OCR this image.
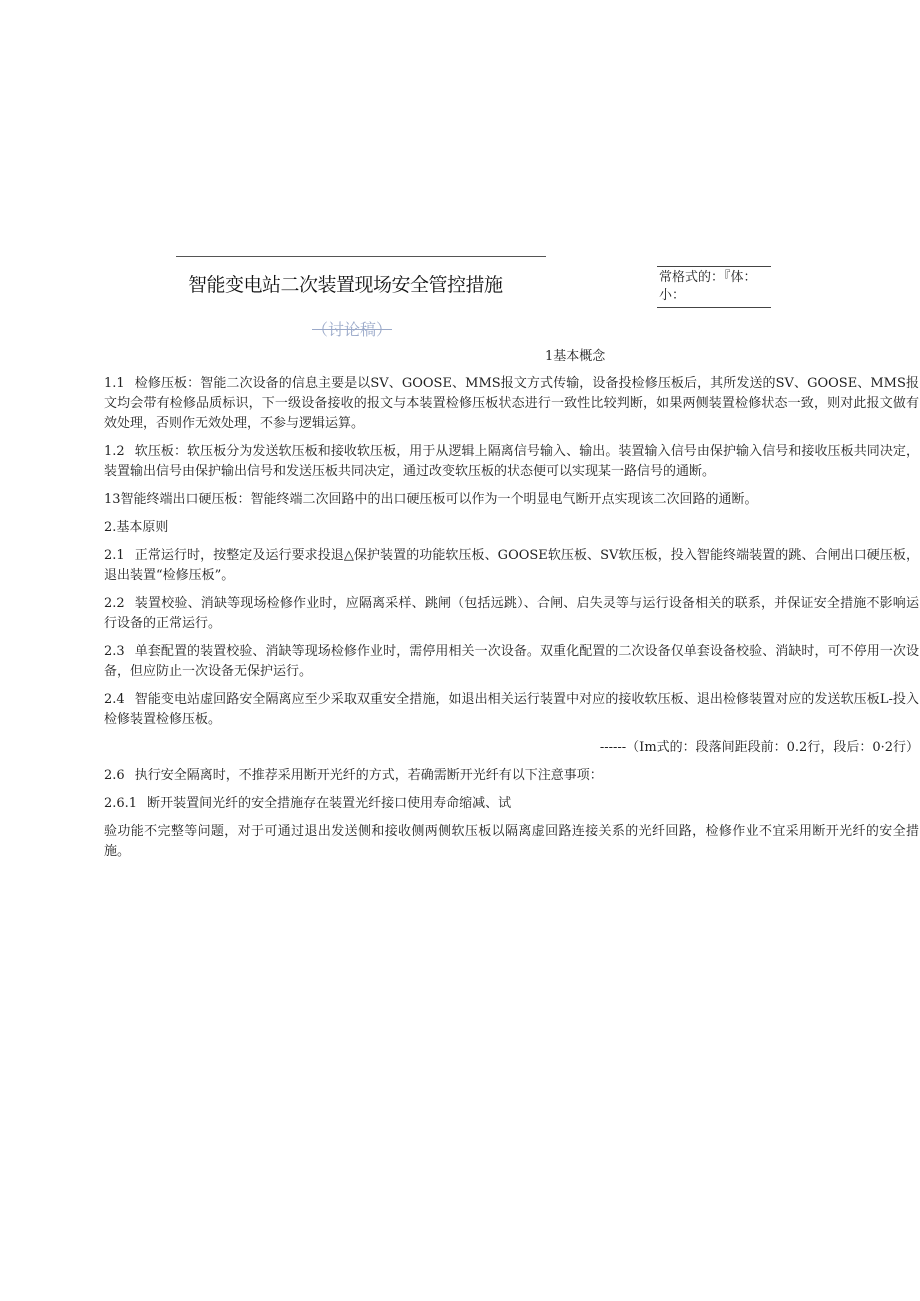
智能变电站二次装置现场安全管控措施
（讨论稿）
常格式的：『体：
小：
1基本概念

1.1 检修压板：智能二次设备的信息主要是以SV、GOOSE、MMS报文方式传输，设备投检修压板后，其所发送的SV、GOOSE、MMS报文均会带有检修品质标识，下一级设备接收的报文与本装置检修压板状态进行一致性比较判断，如果两侧装置检修状态一致，则对此报文做有效处理，否则作无效处理，不参与逻辑运算。

1.2 软压板：软压板分为发送软压板和接收软压板，用于从逻辑上隔离信号输入、输出。装置输入信号由保护输入信号和接收压板共同决定，装置输出信号由保护输出信号和发送压板共同决定，通过改变软压板的状态便可以实现某一路信号的通断。

13智能终端出口硬压板：智能终端二次回路中的出口硬压板可以作为一个明显电气断开点实现该二次回路的通断。

2.基本原则

2.1 正常运行时，按整定及运行要求投退△保护装置的功能软压板、GOOSE软压板、SV软压板，投入智能终端装置的跳、合闸出口硬压板，退出装置“检修压板”。

2.2 装置校验、消缺等现场检修作业时，应隔离采样、跳闸（包括远跳）、合闸、启失灵等与运行设备相关的联系，并保证安全措施不影响运行设备的正常运行。

2.3 单套配置的装置校验、消缺等现场检修作业时，需停用相关一次设备。双重化配置的二次设备仅单套设备校验、消缺时，可不停用一次设备，但应防止一次设备无保护运行。

2.4 智能变电站虚回路安全隔离应至少采取双重安全措施，如退出相关运行装置中对应的接收软压板、退出检修装置对应的发送软压板L-投入检修装置检修压板。

------（Im式的：段落间距段前：0.2行，段后：0·2行）

2.6 执行安全隔离时，不推荐采用断开光纤的方式，若确需断开光纤有以下注意事项：

2.6.1 断开装置间光纤的安全措施存在装置光纤接口使用寿命缩减、试

验功能不完整等问题，对于可通过退出发送侧和接收侧两侧软压板以隔离虚回路连接关系的光纤回路，检修作业不宜采用断开光纤的安全措施。
